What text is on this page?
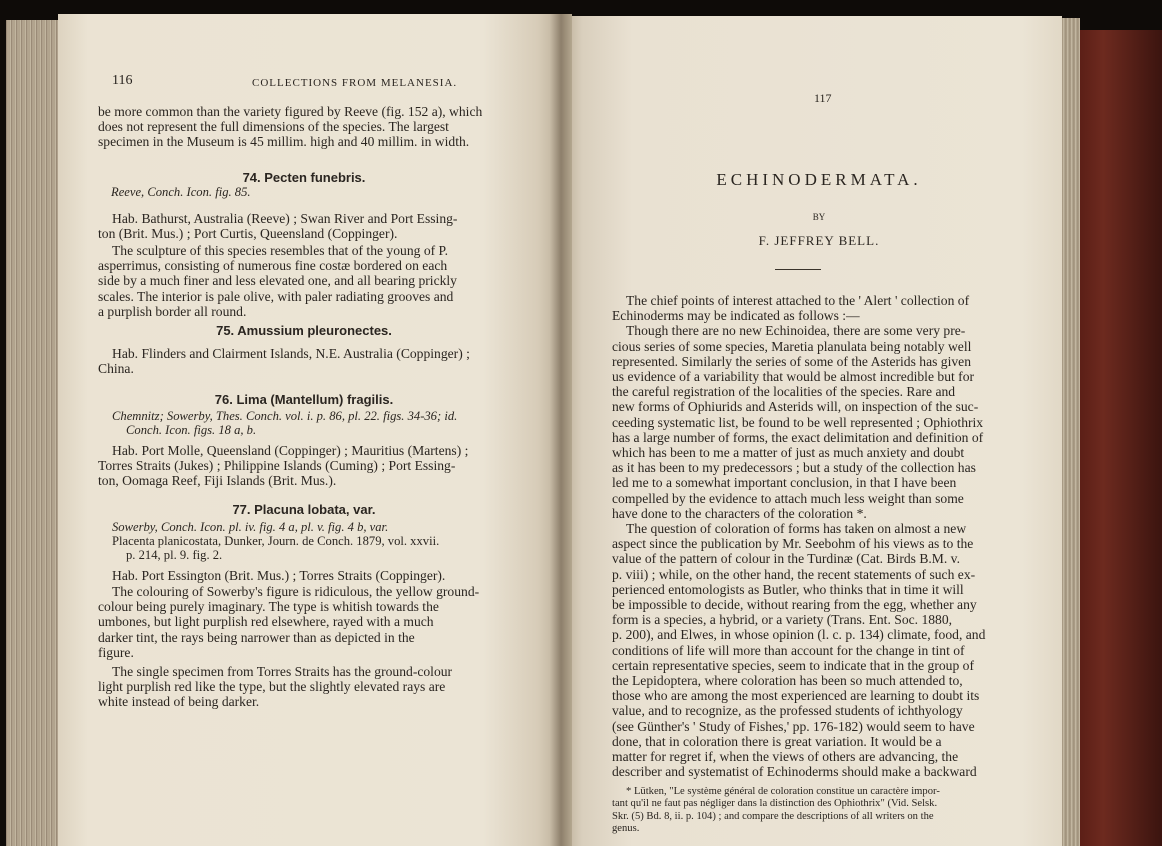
116	COLLECTIONS FROM MELANESIA.
be more common than the variety figured by Reeve (fig. 152 a), which
does not represent the full dimensions of the species. The largest
specimen in the Museum is 45 millim. high and 40 millim. in width.
74. Pecten funebris.
Reeve, Conch. Icon. fig. 85.
Hab. Bathurst, Australia (Reeve) ; Swan River and Port Essing-
ton (Brit. Mus.) ; Port Curtis, Queensland (Coppinger).
The sculpture of this species resembles that of the young of P.
asperrimus, consisting of numerous fine costæ bordered on each
side by a much finer and less elevated one, and all bearing prickly
scales. The interior is pale olive, with paler radiating grooves and
a purplish border all round.
75. Amussium pleuronectes.
Hab. Flinders and Clairment Islands, N.E. Australia (Coppinger) ;
China.
76. Lima (Mantellum) fragilis.
Chemnitz; Sowerby, Thes. Conch. vol. i. p. 86, pl. 22. figs. 34-36; id.
Conch. Icon. figs. 18 a, b.
Hab. Port Molle, Queensland (Coppinger) ; Mauritius (Martens) ;
Torres Straits (Jukes) ; Philippine Islands (Cuming) ; Port Essing-
ton, Oomaga Reef, Fiji Islands (Brit. Mus.).
77. Placuna lobata, var.
Sowerby, Conch. Icon. pl. iv. fig. 4 a, pl. v. fig. 4 b, var.
Placenta planicostata, Dunker, Journ. de Conch. 1879, vol. xxvii.
p. 214, pl. 9. fig. 2.
Hab. Port Essington (Brit. Mus.) ; Torres Straits (Coppinger).
The colouring of Sowerby's figure is ridiculous, the yellow ground-
colour being purely imaginary. The type is whitish towards the
umbones, but light purplish red elsewhere, rayed with a much
darker tint, the rays being narrower than as depicted in the
figure.
The single specimen from Torres Straits has the ground-colour
light purplish red like the type, but the slightly elevated rays are
white instead of being darker.
117
ECHINODERMATA.
BY
F. JEFFREY BELL.
The chief points of interest attached to the ' Alert ' collection of
Echinoderms may be indicated as follows :—
Though there are no new Echinoidea, there are some very pre-
cious series of some species, Maretia planulata being notably well
represented. Similarly the series of some of the Asterids has given
us evidence of a variability that would be almost incredible but for
the careful registration of the localities of the species. Rare and
new forms of Ophiurids and Asterids will, on inspection of the suc-
ceeding systematic list, be found to be well represented ; Ophiothrix
has a large number of forms, the exact delimitation and definition of
which has been to me a matter of just as much anxiety and doubt
as it has been to my predecessors ; but a study of the collection has
led me to a somewhat important conclusion, in that I have been
compelled by the evidence to attach much less weight than some
have done to the characters of the coloration *.
The question of coloration of forms has taken on almost a new
aspect since the publication by Mr. Seebohm of his views as to the
value of the pattern of colour in the Turdinæ (Cat. Birds B.M. v.
p. viii) ; while, on the other hand, the recent statements of such ex-
perienced entomologists as Butler, who thinks that in time it will
be impossible to decide, without rearing from the egg, whether any
form is a species, a hybrid, or a variety (Trans. Ent. Soc. 1880,
p. 200), and Elwes, in whose opinion (l. c. p. 134) climate, food, and
conditions of life will more than account for the change in tint of
certain representative species, seem to indicate that in the group of
the Lepidoptera, where coloration has been so much attended to,
those who are among the most experienced are learning to doubt its
value, and to recognize, as the professed students of ichthyology
(see Günther's ' Study of Fishes,' pp. 176-182) would seem to have
done, that in coloration there is great variation. It would be a
matter for regret if, when the views of others are advancing, the
describer and systematist of Echinoderms should make a backward
* Lütken, "Le système général de coloration constitue un caractère impor-
tant qu'il ne faut pas négliger dans la distinction des Ophiothrix" (Vid. Selsk.
Skr. (5) Bd. 8, ii. p. 104) ; and compare the descriptions of all writers on the
genus.
